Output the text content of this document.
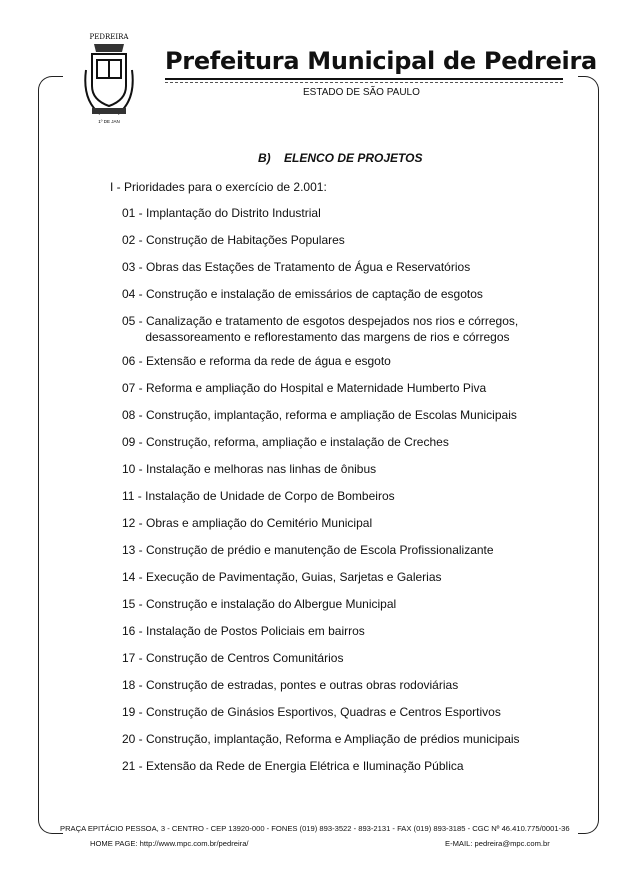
PEDREIRA
1º DE JAN
Prefeitura Municipal de Pedreira
ESTADO DE SÃO PAULO
B)    ELENCO DE PROJETOS
I - Prioridades para o exercício de 2.001:
01 - Implantação do Distrito Industrial
02 - Construção de Habitações Populares
03 - Obras das Estações de Tratamento de Água e Reservatórios
04 - Construção e instalação de emissários de captação de esgotos
05 - Canalização e tratamento de esgotos despejados nos rios e córregos,
desassoreamento e reflorestamento das margens de rios e córregos
06 - Extensão e reforma da rede de água e esgoto
07 - Reforma e ampliação do Hospital e Maternidade Humberto Piva
08 - Construção, implantação, reforma e ampliação de Escolas Municipais
09 - Construção, reforma, ampliação e instalação de Creches
10 - Instalação e melhoras nas linhas de ônibus
11 - Instalação de Unidade de Corpo de Bombeiros
12 - Obras e ampliação do Cemitério Municipal
13 - Construção de prédio e manutenção de Escola Profissionalizante
14 - Execução de Pavimentação, Guias, Sarjetas e Galerias
15 - Construção e instalação do Albergue Municipal
16 - Instalação de Postos Policiais em bairros
17 - Construção de Centros Comunitários
18 - Construção de estradas, pontes e outras obras rodoviárias
19 - Construção de Ginásios Esportivos, Quadras e Centros Esportivos
20 - Construção, implantação, Reforma e Ampliação de prédios municipais
21 - Extensão da Rede de Energia Elétrica e Iluminação Pública
PRAÇA EPITÁCIO PESSOA, 3 - CENTRO - CEP 13920-000 - FONES (019) 893-3522 - 893-2131 - FAX (019) 893-3185 - CGC Nº 46.410.775/0001-36
HOME PAGE: http://www.mpc.com.br/pedreira/	E-MAIL: pedreira@mpc.com.br
